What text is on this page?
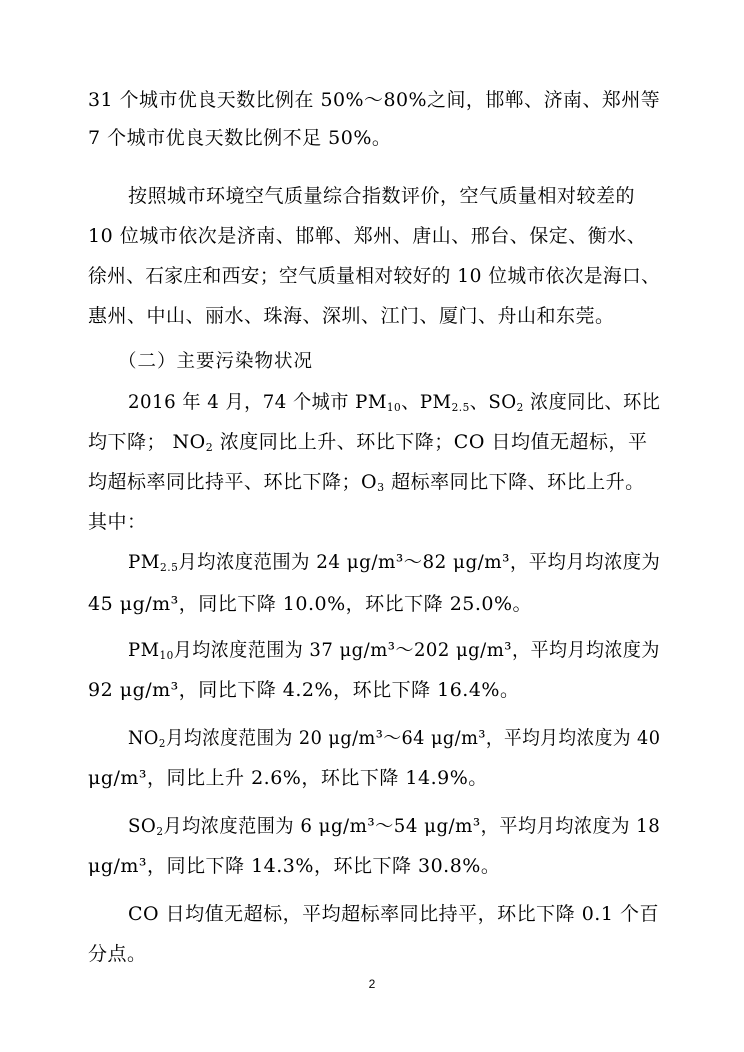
31 个城市优良天数比例在 50%～80%之间，邯郸、济南、郑州等
7 个城市优良天数比例不足 50%。
按照城市环境空气质量综合指数评价，空气质量相对较差的
10 位城市依次是济南、邯郸、郑州、唐山、邢台、保定、衡水、
徐州、石家庄和西安；空气质量相对较好的 10 位城市依次是海口、
惠州、中山、丽水、珠海、深圳、江门、厦门、舟山和东莞。
（二）主要污染物状况
2016 年 4 月，74 个城市 $PM_{10}$、$PM_{2.5}$、$SO_2$ 浓度同比、环比
均下降； $NO_2$ 浓度同比上升、环比下降；CO 日均值无超标，平
均超标率同比持平、环比下降；$O_3$ 超标率同比下降、环比上升。
其中：
$PM_{2.5}$月均浓度范围为 24 μg/m³～82 μg/m³，平均月均浓度为
45 μg/m³，同比下降 10.0%，环比下降 25.0%。
$PM_{10}$月均浓度范围为 37 μg/m³～202 μg/m³，平均月均浓度为
92 μg/m³，同比下降 4.2%，环比下降 16.4%。
$NO_2$月均浓度范围为 20 μg/m³～64 μg/m³，平均月均浓度为 40
μg/m³，同比上升 2.6%，环比下降 14.9%。
$SO_2$月均浓度范围为 6 μg/m³～54 μg/m³，平均月均浓度为 18
μg/m³，同比下降 14.3%，环比下降 30.8%。
CO 日均值无超标，平均超标率同比持平，环比下降 0.1 个百
分点。
2
